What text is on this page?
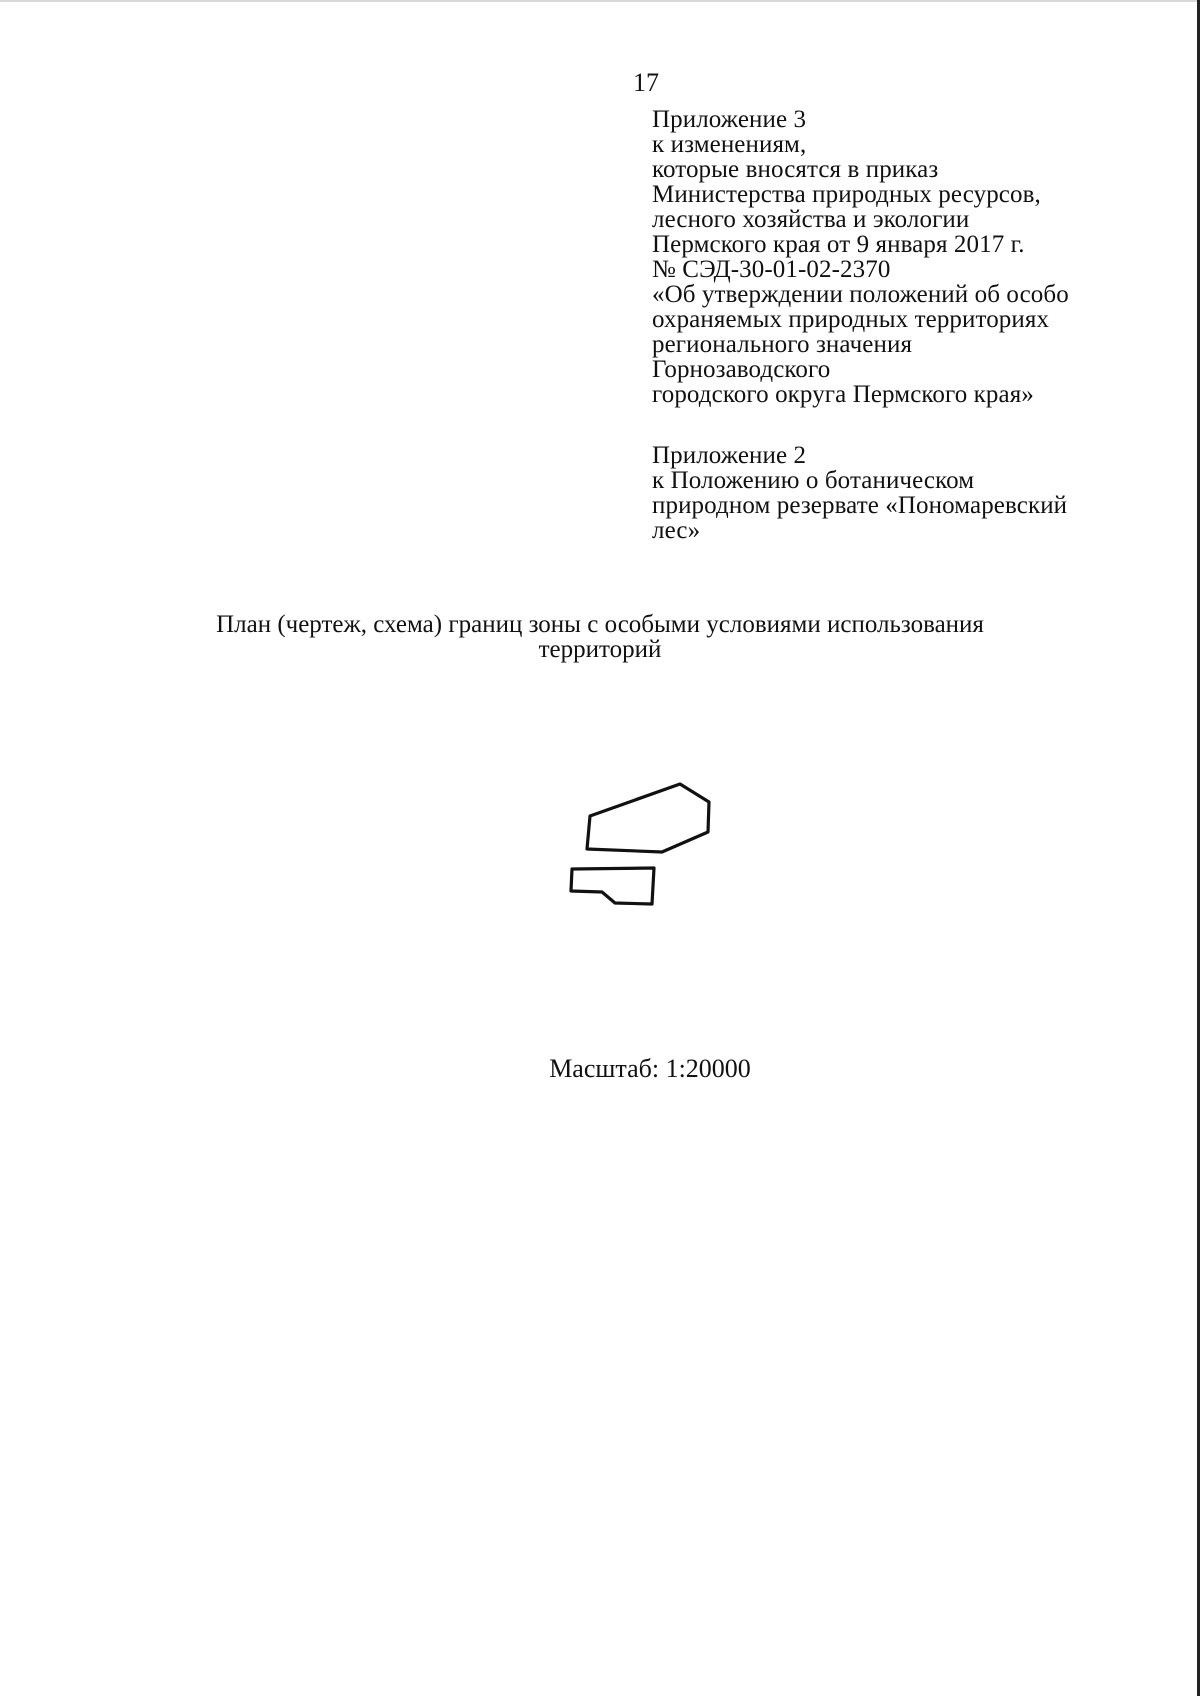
17
Приложение 3
к изменениям,
которые вносятся в приказ
Министерства природных ресурсов,
лесного хозяйства и экологии
Пермского края от 9 января 2017 г.
№ СЭД-30-01-02-2370
«Об утверждении положений об особо
охраняемых природных территориях
регионального значения
Горнозаводского
городского округа Пермского края»
Приложение 2
к Положению о ботаническом
природном резервате «Пономаревский
лес»
План (чертеж, схема) границ зоны с особыми условиями использования
территорий
Масштаб: 1:20000
